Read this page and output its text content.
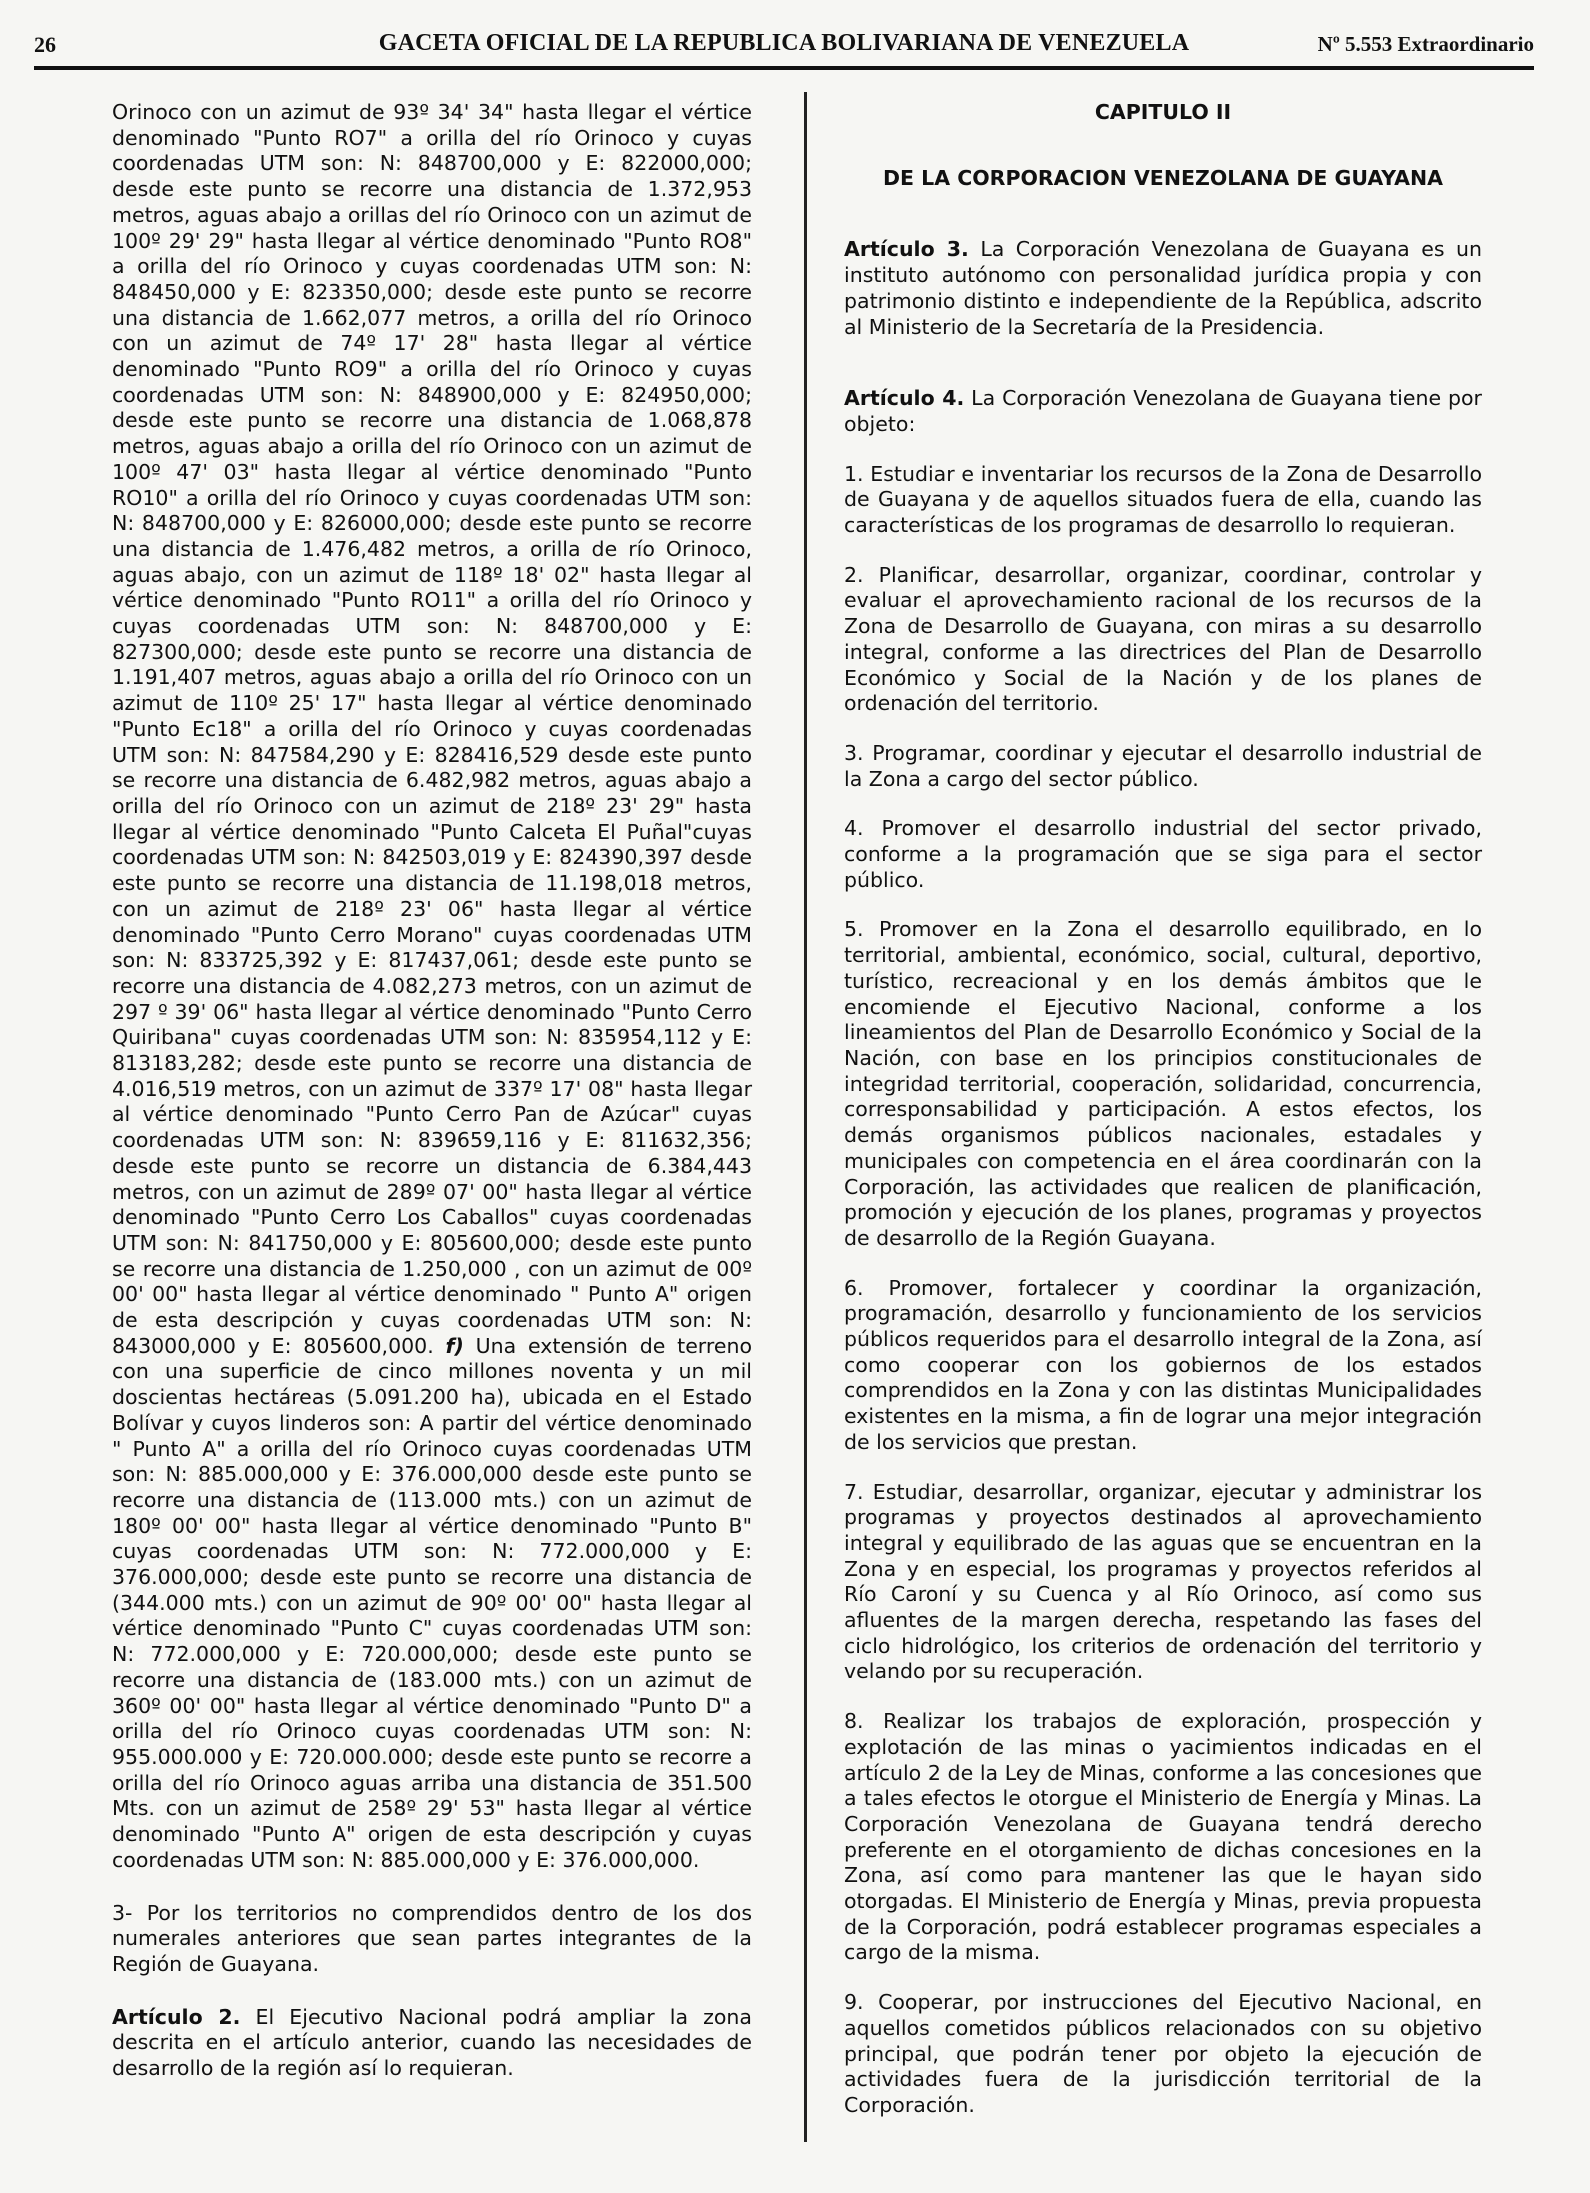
26	GACETA OFICIAL DE LA REPUBLICA BOLIVARIANA DE VENEZUELA	Nº 5.553 Extraordinario

Orinoco con un azimut de 93º 34' 34" hasta llegar el vértice denominado "Punto RO7" a orilla del río Orinoco y cuyas coordenadas UTM son: N: 848700,000 y E: 822000,000; desde este punto se recorre una distancia de 1.372,953 metros, aguas abajo a orillas del río Orinoco con un azimut de 100º 29' 29" hasta llegar al vértice denominado "Punto RO8" a orilla del río Orinoco y cuyas coordenadas UTM son: N: 848450,000 y E: 823350,000; desde este punto se recorre una distancia de 1.662,077 metros, a orilla del río Orinoco con un azimut de 74º 17' 28" hasta llegar al vértice denominado "Punto RO9" a orilla del río Orinoco y cuyas coordenadas UTM son: N: 848900,000 y E: 824950,000; desde este punto se recorre una distancia de 1.068,878 metros, aguas abajo a orilla del río Orinoco con un azimut de 100º 47' 03" hasta llegar al vértice denominado "Punto RO10" a orilla del río Orinoco y cuyas coordenadas UTM son: N: 848700,000 y E: 826000,000; desde este punto se recorre una distancia de 1.476,482 metros, a orilla de río Orinoco, aguas abajo, con un azimut de 118º 18' 02" hasta llegar al vértice denominado "Punto RO11" a orilla del río Orinoco y cuyas coordenadas UTM son: N: 848700,000 y E: 827300,000; desde este punto se recorre una distancia de 1.191,407 metros, aguas abajo a orilla del río Orinoco con un azimut de 110º 25' 17" hasta llegar al vértice denominado "Punto Ec18" a orilla del río Orinoco y cuyas coordenadas UTM son: N: 847584,290 y E: 828416,529 desde este punto se recorre una distancia de 6.482,982 metros, aguas abajo a orilla del río Orinoco con un azimut de 218º 23' 29" hasta llegar al vértice denominado "Punto Calceta El Puñal"cuyas coordenadas UTM son: N: 842503,019 y E: 824390,397 desde este punto se recorre una distancia de 11.198,018 metros, con un azimut de 218º 23' 06" hasta llegar al vértice denominado "Punto Cerro Morano" cuyas coordenadas UTM son: N: 833725,392 y E: 817437,061; desde este punto se recorre una distancia de 4.082,273 metros, con un azimut de 297 º 39' 06" hasta llegar al vértice denominado "Punto Cerro Quiribana" cuyas coordenadas UTM son: N: 835954,112 y E: 813183,282; desde este punto se recorre una distancia de 4.016,519 metros, con un azimut de 337º 17' 08" hasta llegar al vértice denominado "Punto Cerro Pan de Azúcar" cuyas coordenadas UTM son: N: 839659,116 y E: 811632,356; desde este punto se recorre un distancia de 6.384,443 metros, con un azimut de 289º 07' 00" hasta llegar al vértice denominado "Punto Cerro Los Caballos" cuyas coordenadas UTM son: N: 841750,000 y E: 805600,000; desde este punto se recorre una distancia de 1.250,000 , con un azimut de 00º 00' 00" hasta llegar al vértice denominado " Punto A" origen de esta descripción y cuyas coordenadas UTM son: N: 843000,000 y E: 805600,000. f) Una extensión de terreno con una superficie de cinco millones noventa y un mil doscientas hectáreas (5.091.200 ha), ubicada en el Estado Bolívar y cuyos linderos son: A partir del vértice denominado " Punto A" a orilla del río Orinoco cuyas coordenadas UTM son: N: 885.000,000 y E: 376.000,000 desde este punto se recorre una distancia de (113.000 mts.) con un azimut de 180º 00' 00" hasta llegar al vértice denominado "Punto B" cuyas coordenadas UTM son: N: 772.000,000 y E: 376.000,000; desde este punto se recorre una distancia de (344.000 mts.) con un azimut de 90º 00' 00" hasta llegar al vértice denominado "Punto C" cuyas coordenadas UTM son: N: 772.000,000 y E: 720.000,000; desde este punto se recorre una distancia de (183.000 mts.) con un azimut de 360º 00' 00" hasta llegar al vértice denominado "Punto D" a orilla del río Orinoco cuyas coordenadas UTM son: N: 955.000.000 y E: 720.000.000; desde este punto se recorre a orilla del río Orinoco aguas arriba una distancia de 351.500 Mts. con un azimut de 258º 29' 53" hasta llegar al vértice denominado "Punto A" origen de esta descripción y cuyas coordenadas UTM son: N: 885.000,000 y E: 376.000,000.

3- Por los territorios no comprendidos dentro de los dos numerales anteriores que sean partes integrantes de la Región de Guayana.

Artículo 2. El Ejecutivo Nacional podrá ampliar la zona descrita en el artículo anterior, cuando las necesidades de desarrollo de la región así lo requieran.

CAPITULO II

DE LA CORPORACION VENEZOLANA DE GUAYANA

Artículo 3. La Corporación Venezolana de Guayana es un instituto autónomo con personalidad jurídica propia y con patrimonio distinto e independiente de la República, adscrito al Ministerio de la Secretaría de la Presidencia.

Artículo 4. La Corporación Venezolana de Guayana tiene por objeto:

1. Estudiar e inventariar los recursos de la Zona de Desarrollo de Guayana y de aquellos situados fuera de ella, cuando las características de los programas de desarrollo lo requieran.

2. Planificar, desarrollar, organizar, coordinar, controlar y evaluar el aprovechamiento racional de los recursos de la Zona de Desarrollo de Guayana, con miras a su desarrollo integral, conforme a las directrices del Plan de Desarrollo Económico y Social de la Nación y de los planes de ordenación del territorio.

3. Programar, coordinar y ejecutar el desarrollo industrial de la Zona a cargo del sector público.

4. Promover el desarrollo industrial del sector privado, conforme a la programación que se siga para el sector público.

5. Promover en la Zona el desarrollo equilibrado, en lo territorial, ambiental, económico, social, cultural, deportivo, turístico, recreacional y en los demás ámbitos que le encomiende el Ejecutivo Nacional, conforme a los lineamientos del Plan de Desarrollo Económico y Social de la Nación, con base en los principios constitucionales de integridad territorial, cooperación, solidaridad, concurrencia, corresponsabilidad y participación. A estos efectos, los demás organismos públicos nacionales, estadales y municipales con competencia en el área coordinarán con la Corporación, las actividades que realicen de planificación, promoción y ejecución de los planes, programas y proyectos de desarrollo de la Región Guayana.

6. Promover, fortalecer y coordinar la organización, programación, desarrollo y funcionamiento de los servicios públicos requeridos para el desarrollo integral de la Zona, así como cooperar con los gobiernos de los estados comprendidos en la Zona y con las distintas Municipalidades existentes en la misma, a fin de lograr una mejor integración de los servicios que prestan.

7. Estudiar, desarrollar, organizar, ejecutar y administrar los programas y proyectos destinados al aprovechamiento integral y equilibrado de las aguas que se encuentran en la Zona y en especial, los programas y proyectos referidos al Río Caroní y su Cuenca y al Río Orinoco, así como sus afluentes de la margen derecha, respetando las fases del ciclo hidrológico, los criterios de ordenación del territorio y velando por su recuperación.

8. Realizar los trabajos de exploración, prospección y explotación de las minas o yacimientos indicadas en el artículo 2 de la Ley de Minas, conforme a las concesiones que a tales efectos le otorgue el Ministerio de Energía y Minas. La Corporación Venezolana de Guayana tendrá derecho preferente en el otorgamiento de dichas concesiones en la Zona, así como para mantener las que le hayan sido otorgadas. El Ministerio de Energía y Minas, previa propuesta de la Corporación, podrá establecer programas especiales a cargo de la misma.

9. Cooperar, por instrucciones del Ejecutivo Nacional, en aquellos cometidos públicos relacionados con su objetivo principal, que podrán tener por objeto la ejecución de actividades fuera de la jurisdicción territorial de la Corporación.
